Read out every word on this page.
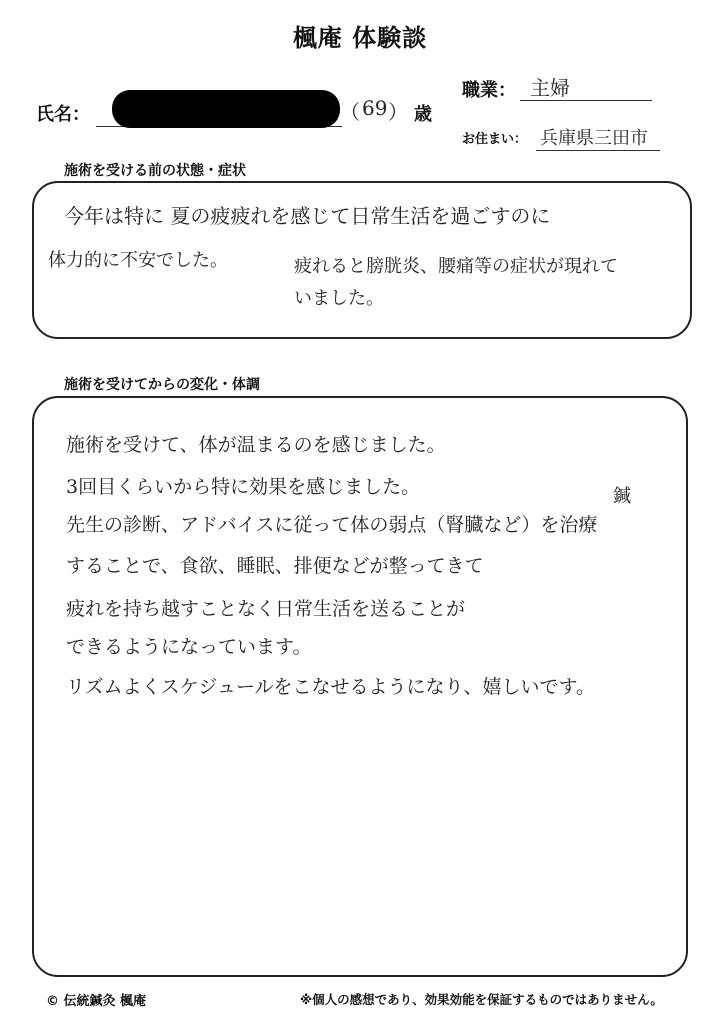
楓庵 体験談
氏名：	（ 69 ） 歳
職業： 主婦
お住まい： 兵庫県三田市
施術を受ける前の状態・症状
今年は特に 夏の疲疲れを感じて日常生活を過ごすのに
体力的に不安でした。	疲れると膀胱炎、腰痛等の症状が現れて
いました。
施術を受けてからの変化・体調
施術を受けて、体が温まるのを感じました。
3回目くらいから特に効果を感じました。	鍼
先生の診断、アドバイスに従って体の弱点（腎臓など）を治療
することで、食欲、睡眠、排便などが整ってきて
疲れを持ち越すことなく日常生活を送ることが
できるようになっています。
リズムよくスケジュールをこなせるようになり、嬉しいです。
© 伝統鍼灸 楓庵	※個人の感想であり、効果効能を保証するものではありません。
